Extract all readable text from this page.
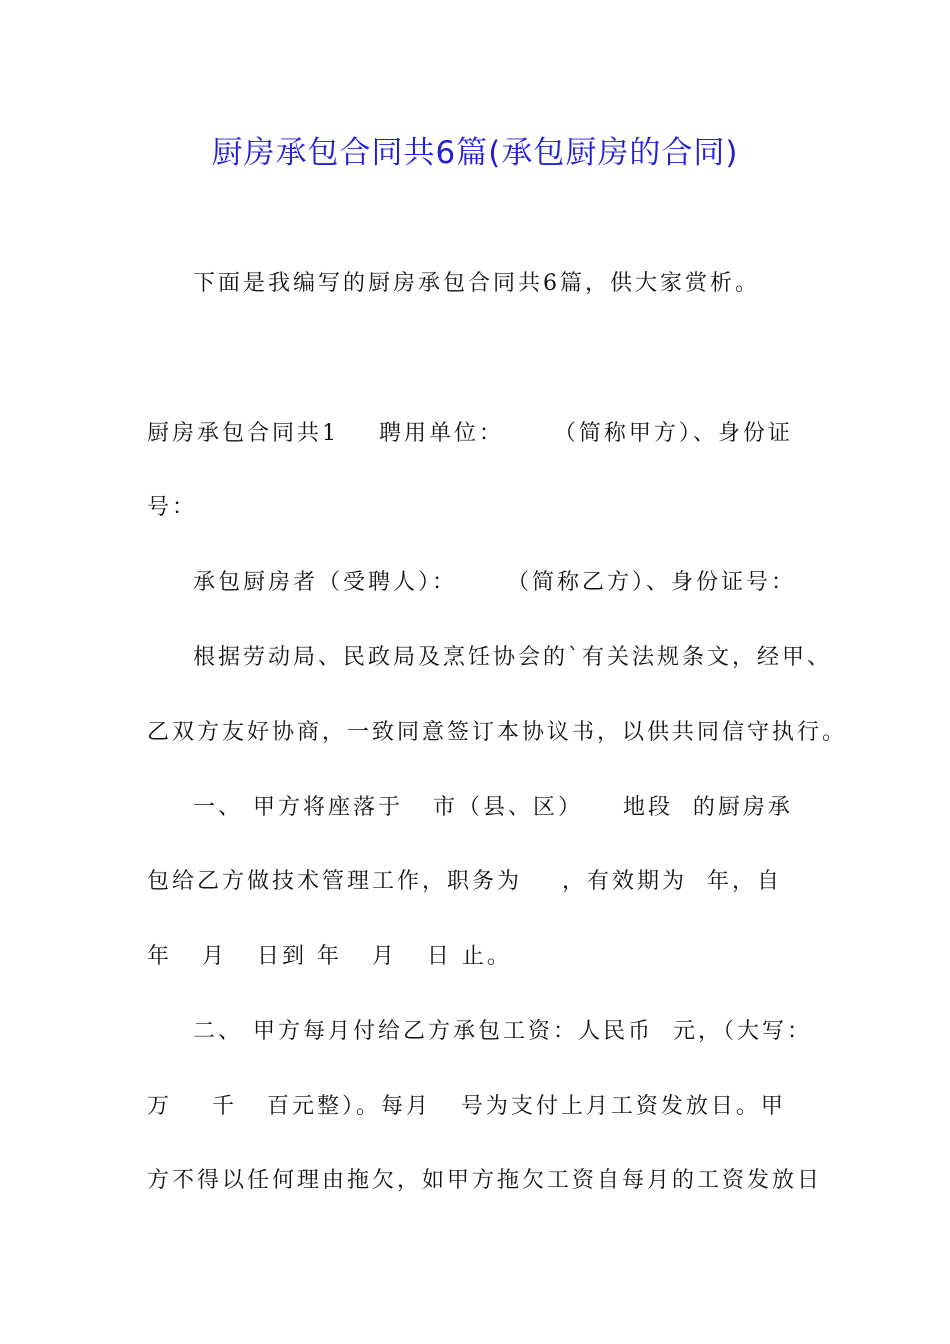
厨房承包合同共6篇(承包厨房的合同)
下面是我编写的厨房承包合同共6篇，供大家赏析。
厨房承包合同共1    聘用单位：     （简称甲方）、身份证
号：
承包厨房者（受聘人）：     （简称乙方）、身份证号：
根据劳动局、民政局及烹饪协会的`有关法规条文，经甲、
乙双方友好协商，一致同意签订本协议书，以供共同信守执行。
一、 甲方将座落于   市（县、区）    地段  的厨房承
包给乙方做技术管理工作，职务为    ，有效期为  年，自
年   月   日到 年   月   日 止。
二、 甲方每月付给乙方承包工资：人民币  元，（大写：
万    千   百元整）。每月   号为支付上月工资发放日。甲
方不得以任何理由拖欠，如甲方拖欠工资自每月的工资发放日
